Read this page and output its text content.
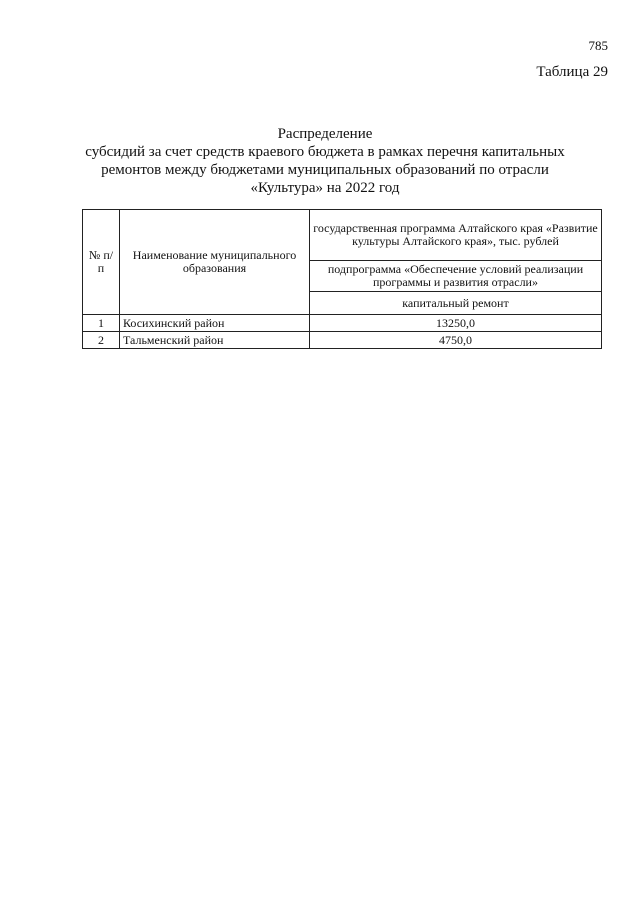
785
Таблица 29
Распределение
субсидий за счет средств краевого бюджета в рамках перечня капитальных
ремонтов между бюджетами муниципальных образований по отрасли
«Культура» на 2022 год
№ п/п	Наименование муниципального образования	государственная программа Алтайского края «Развитие культуры Алтайского края», тыс. рублей
		подпрограмма «Обеспечение условий реализации программы и развития отрасли»
		капитальный ремонт
1	Косихинский район	13250,0
2	Тальменский район	4750,0
